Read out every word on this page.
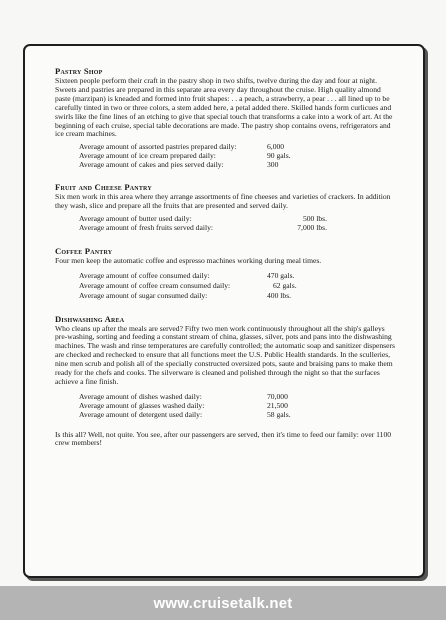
Pastry Shop

Sixteen people perform their craft in the pastry shop in two shifts, twelve during the day and four at night. Sweets and pastries are prepared in this separate area every day throughout the cruise. High quality almond paste (marzipan) is kneaded and formed into fruit shapes: . . a peach, a strawberry, a pear . . . all lined up to be carefully tinted in two or three colors, a stem added here, a petal added there. Skilled hands form curlicues and swirls like the fine lines of an etching to give that special touch that transforms a cake into a work of art. At the beginning of each cruise, special table decorations are made. The pastry shop contains ovens, refrigerators and ice cream machines.

Average amount of assorted pastries prepared daily:	6,000
Average amount of ice cream prepared daily:	90 gals.
Average amount of cakes and pies served daily:	300
Fruit and Cheese Pantry

Six men work in this area where they arrange assortments of fine cheeses and varieties of crackers. In addition they wash, slice and prepare all the fruits that are presented and served daily.

Average amount of butter used daily:	500 lbs.
Average amount of fresh fruits served daily:	7,000 lbs.
Coffee Pantry

Four men keep the automatic coffee and espresso machines working during meal times.

Average amount of coffee consumed daily:	470 gals.
Average amount of coffee cream consumed daily:	62 gals.
Average amount of sugar consumed daily:	400 lbs.
Dishwashing Area

Who cleans up after the meals are served? Fifty two men work continuously throughout all the ship's galleys pre-washing, sorting and feeding a constant stream of china, glasses, silver, pots and pans into the dishwashing machines. The wash and rinse temperatures are carefully controlled; the automatic soap and sanitizer dispensers are checked and rechecked to ensure that all functions meet the U.S. Public Health standards. In the sculleries, nine men scrub and polish all of the specially constructed oversized pots, saute and braising pans to make them ready for the chefs and cooks. The silverware is cleaned and polished through the night so that the surfaces achieve a fine finish.

Average amount of dishes washed daily:	70,000
Average amount of glasses washed daily:	21,500
Average amount of detergent used daily:	58 gals.

Is this all? Well, not quite. You see, after our passengers are served, then it's time to feed our family: over 1100 crew members!

www.cruisetalk.net
